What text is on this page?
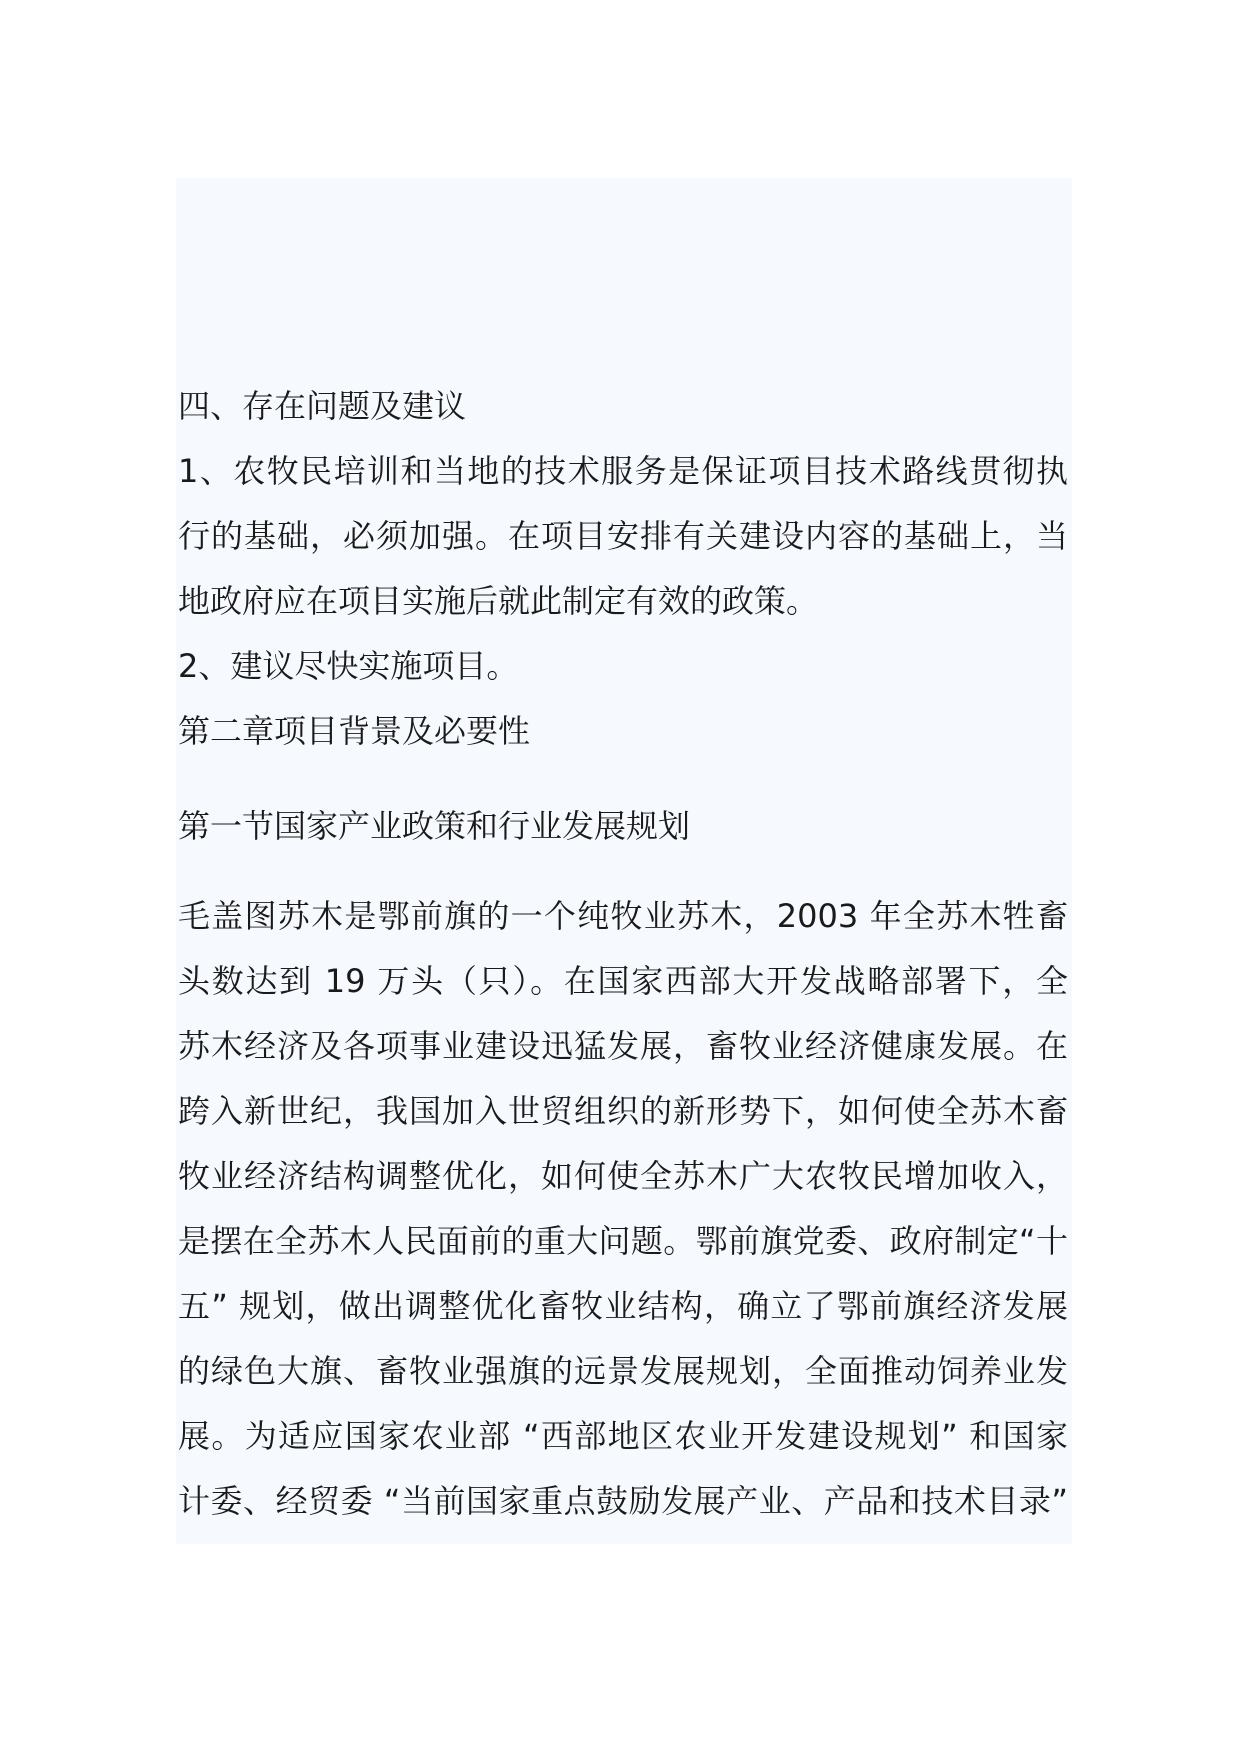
四、存在问题及建议
1、农牧民培训和当地的技术服务是保证项目技术路线贯彻执
行的基础，必须加强。在项目安排有关建设内容的基础上，当
地政府应在项目实施后就此制定有效的政策。
2、建议尽快实施项目。
第二章项目背景及必要性
第一节国家产业政策和行业发展规划
毛盖图苏木是鄂前旗的一个纯牧业苏木，2003 年全苏木牲畜
头数达到 19 万头（只）。在国家西部大开发战略部署下，全
苏木经济及各项事业建设迅猛发展，畜牧业经济健康发展。在
跨入新世纪，我国加入世贸组织的新形势下，如何使全苏木畜
牧业经济结构调整优化，如何使全苏木广大农牧民增加收入，
是摆在全苏木人民面前的重大问题。鄂前旗党委、政府制定“十
五” 规划，做出调整优化畜牧业结构，确立了鄂前旗经济发展
的绿色大旗、畜牧业强旗的远景发展规划，全面推动饲养业发
展。为适应国家农业部 “西部地区农业开发建设规划” 和国家
计委、经贸委 “当前国家重点鼓励发展产业、产品和技术目录”
